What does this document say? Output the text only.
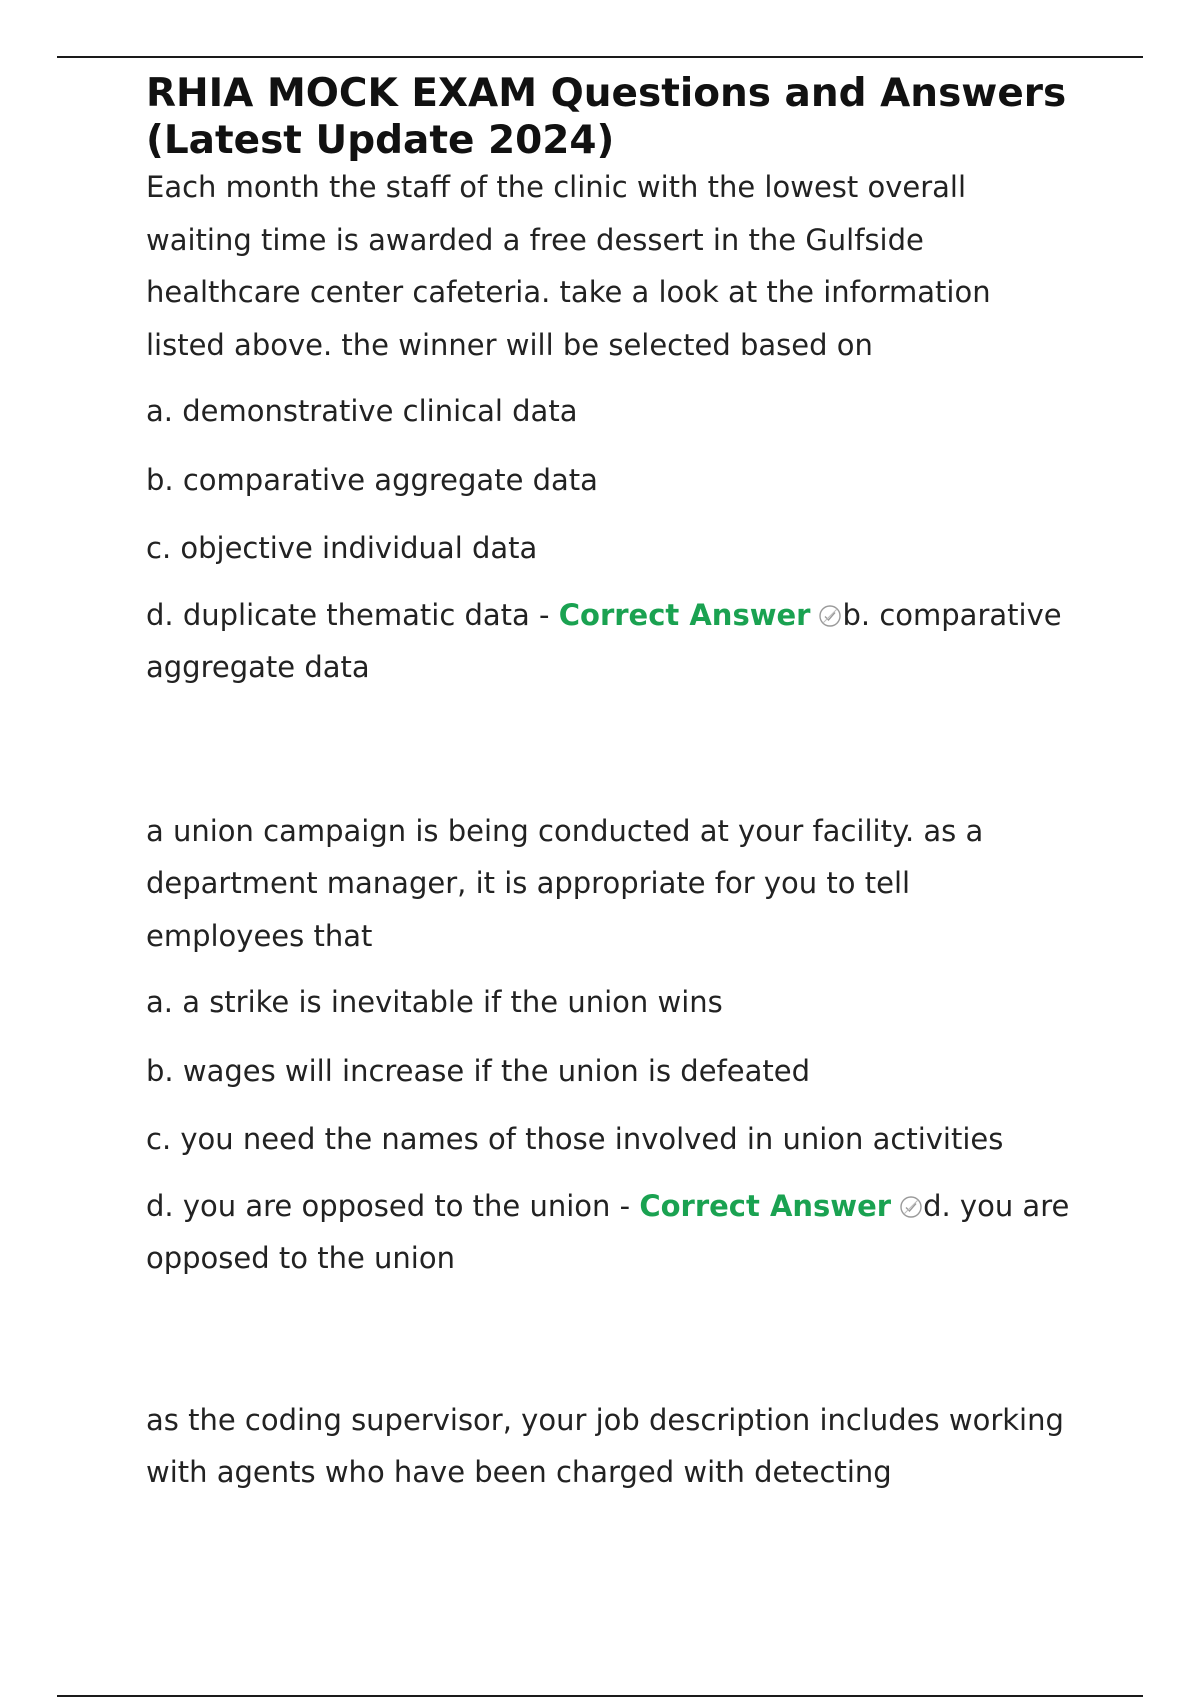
RHIA MOCK EXAM Questions and Answers (Latest Update 2024)

Each month the staff of the clinic with the lowest overall waiting time is awarded a free dessert in the Gulfside healthcare center cafeteria. take a look at the information listed above. the winner will be selected based on

a. demonstrative clinical data

b. comparative aggregate data

c. objective individual data

d. duplicate thematic data - Correct Answer b. comparative aggregate data

a union campaign is being conducted at your facility. as a department manager, it is appropriate for you to tell employees that

a. a strike is inevitable if the union wins

b. wages will increase if the union is defeated

c. you need the names of those involved in union activities

d. you are opposed to the union - Correct Answer d. you are opposed to the union

as the coding supervisor, your job description includes working with agents who have been charged with detecting
